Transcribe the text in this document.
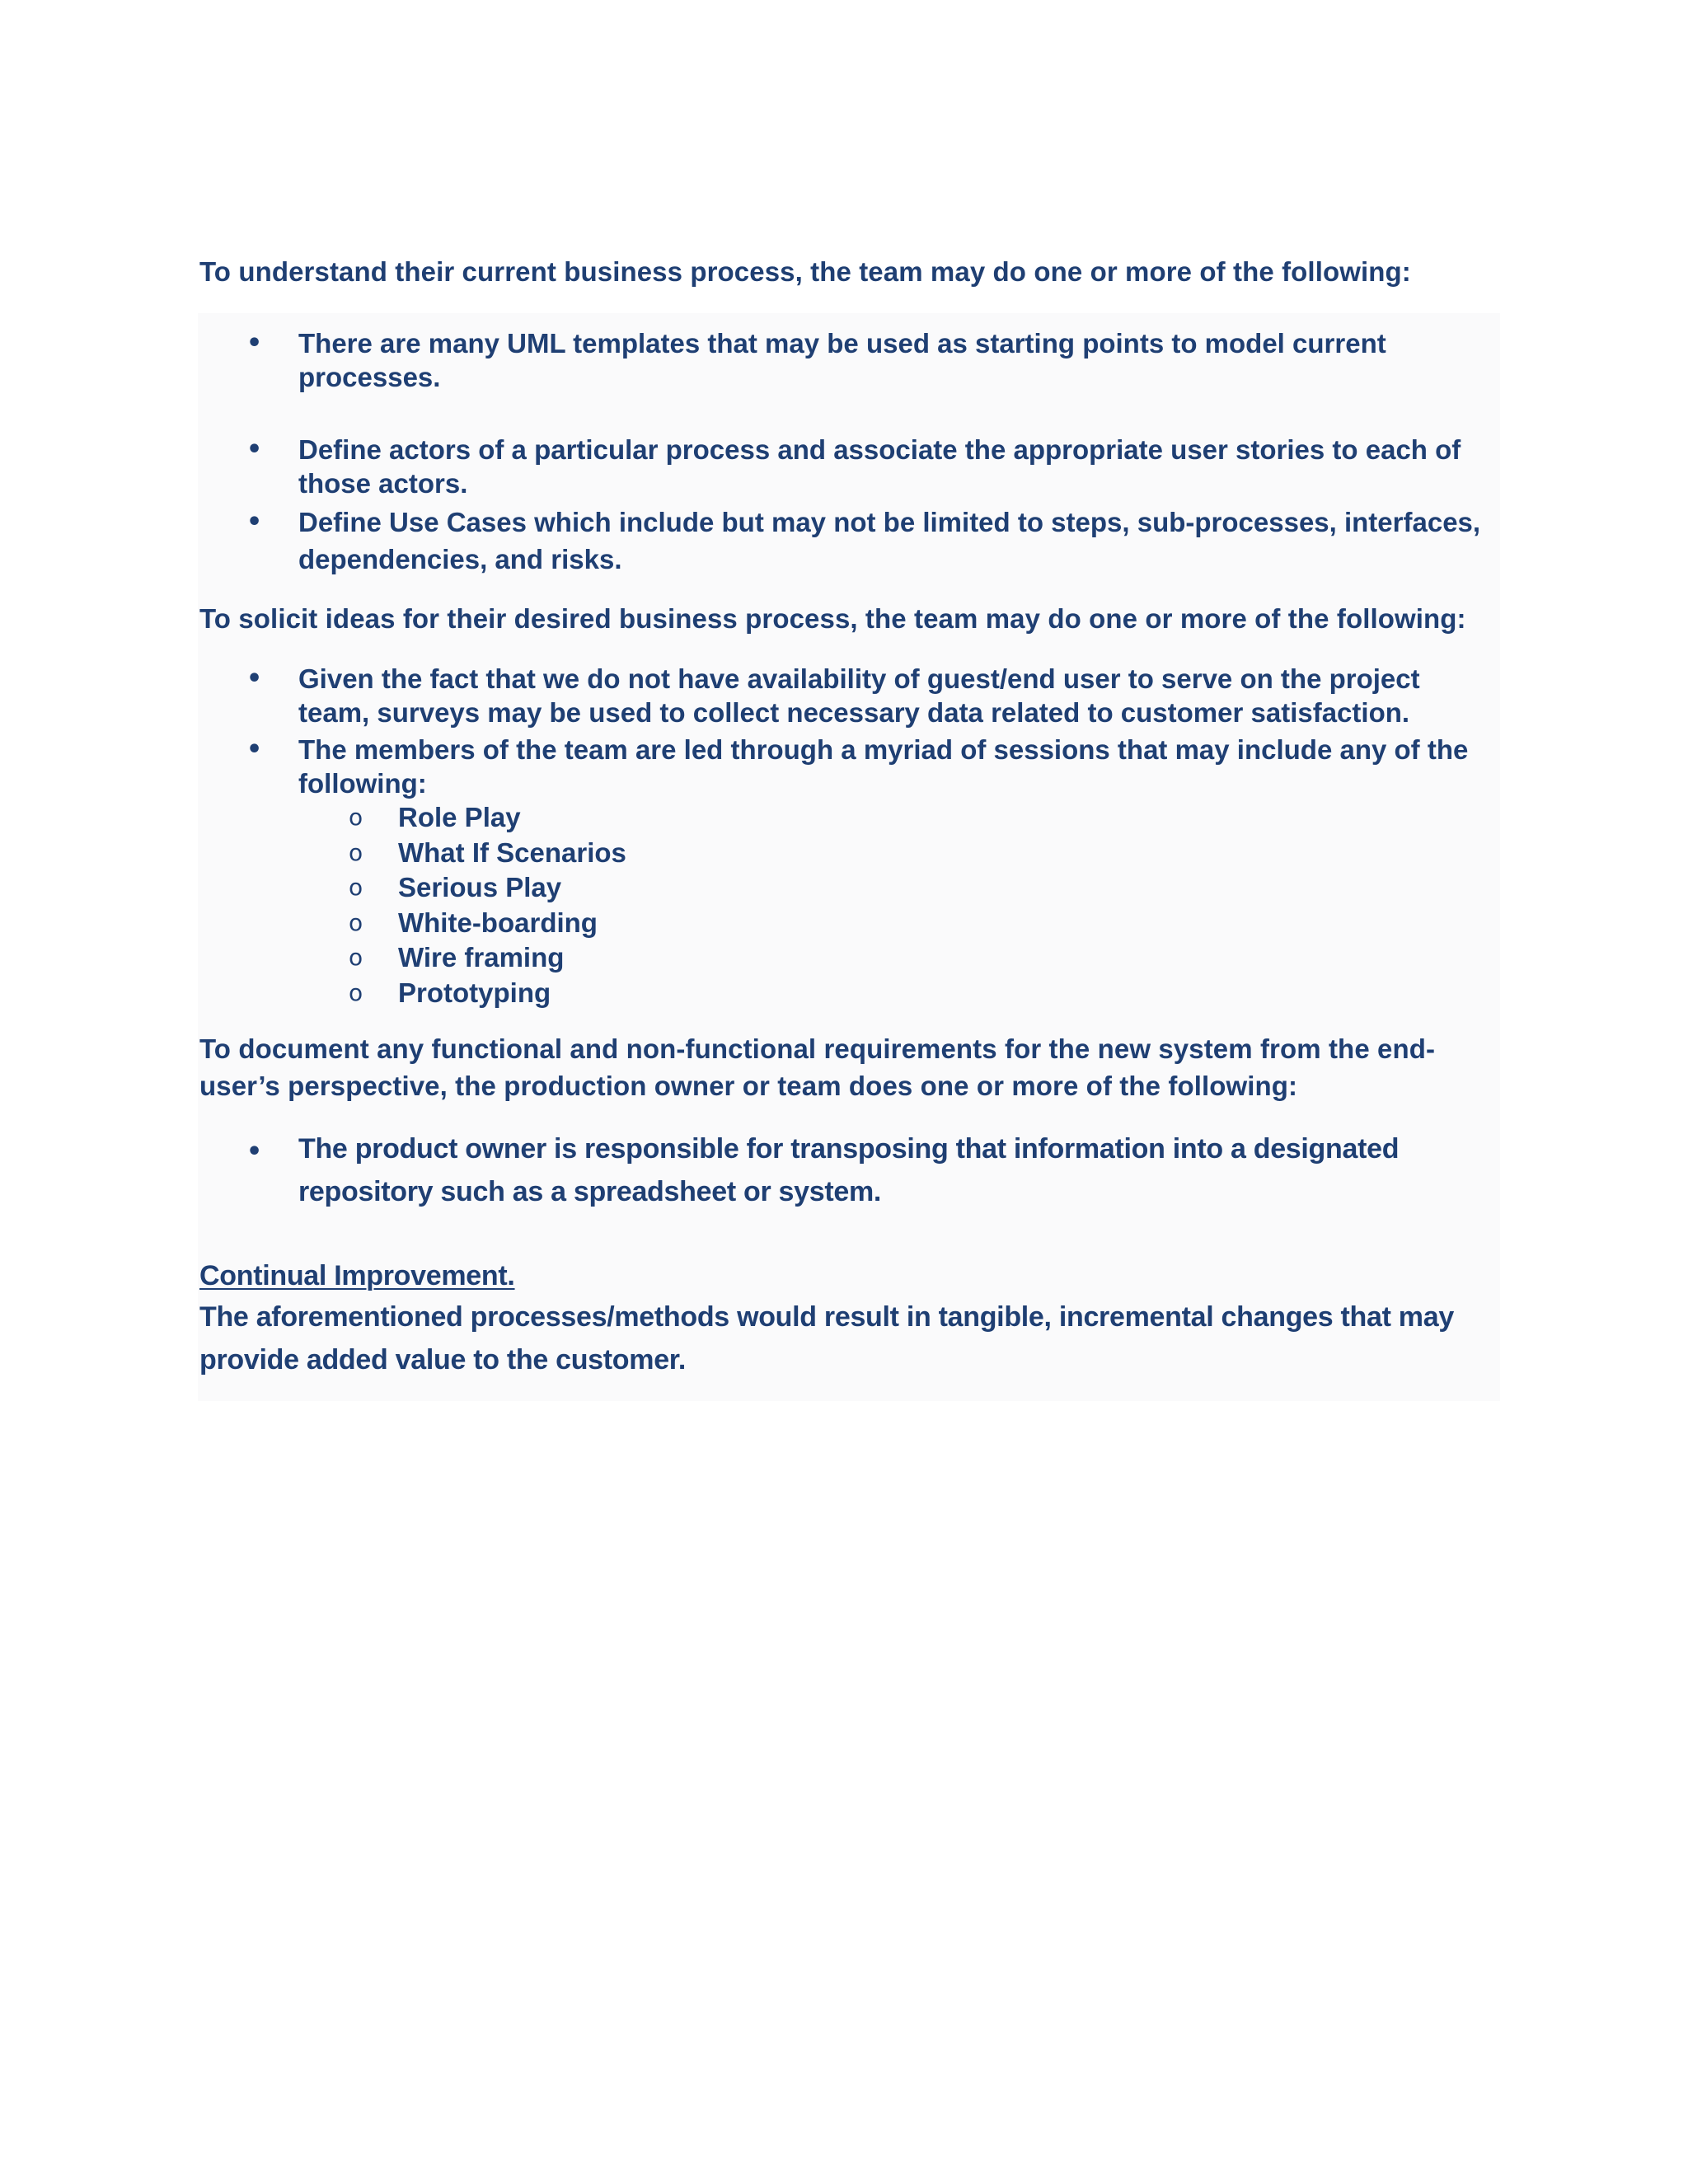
To understand their current business process, the team may do one or more of the following:

• There are many UML templates that may be used as starting points to model current processes.
• Define actors of a particular process and associate the appropriate user stories to each of those actors.
• Define Use Cases which include but may not be limited to steps, sub-processes, interfaces, dependencies, and risks.

To solicit ideas for their desired business process, the team may do one or more of the following:

• Given the fact that we do not have availability of guest/end user to serve on the project team, surveys may be used to collect necessary data related to customer satisfaction.
• The members of the team are led through a myriad of sessions that may include any of the following:
o Role Play
o What If Scenarios
o Serious Play
o White-boarding
o Wire framing
o Prototyping

To document any functional and non-functional requirements for the new system from the end-user’s perspective, the production owner or team does one or more of the following:

• The product owner is responsible for transposing that information into a designated repository such as a spreadsheet or system.

Continual Improvement.

The aforementioned processes/methods would result in tangible, incremental changes that may provide added value to the customer.
